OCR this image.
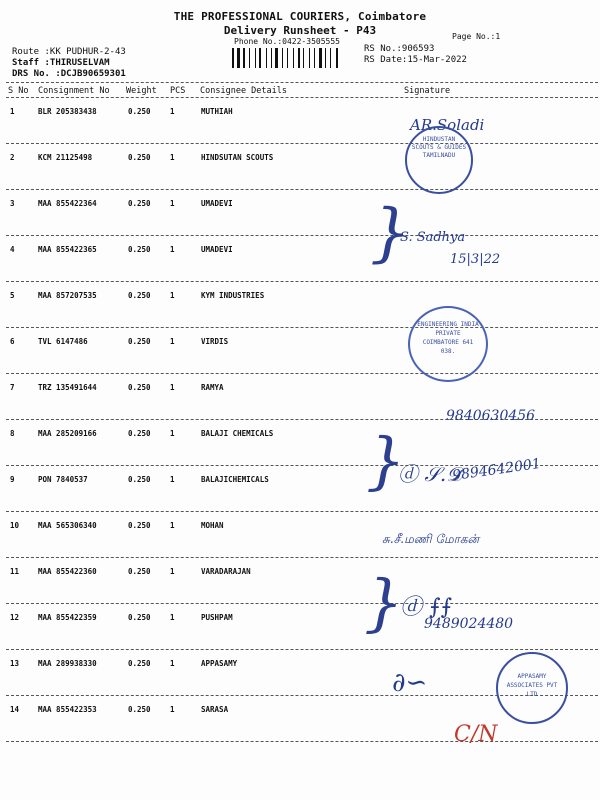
THE PROFESSIONAL COURIERS, Coimbatore
Delivery Runsheet - P43
Phone No.:0422-3505555
Page No.:1
Route :KK PUDHUR-2-43
Staff :THIRUSELVAM
DRS No. :DCJB90659301
RS No.:906593
RS Date:15-Mar-2022
S No Consignment No Weight PCS Consignee Details	Signature
1	BLR 205383438	0.250	1	MUTHIAH
2	KCM 21125498	0.250	1	HINDSUTAN SCOUTS
3	MAA 855422364	0.250	1	UMADEVI
4	MAA 855422365	0.250	1	UMADEVI
5	MAA 857207535	0.250	1	KYM INDUSTRIES
6	TVL 6147486	0.250	1	VIRDIS
7	TRZ 135491644	0.250	1	RAMYA
8	MAA 285209166	0.250	1	BALAJI CHEMICALS
9	PON 7840537	0.250	1	BALAJICHEMICALS
10	MAA 565306340	0.250	1	MOHAN
11	MAA 855422360	0.250	1	VARADARAJAN
12	MAA 855422359	0.250	1	PUSHPAM
13	MAA 289938330	0.250	1	APPASAMY
14	MAA 855422353	0.250	1	SARASA
AR.Soladi
HINDUSTAN SCOUTS & GUIDES TAMILNADU
}
S. Sadhya
15|3|22
ENGINEERING INDIA PRIVATE COIMBATORE 641 038.
9840630456
}
ⓓ 𝒮.𝒟
9894642001
சு.சீ.மணி மோகன்
}
ⓓ ⨍⨍
9489024480
∂∽	APPASAMY ASSOCIATES PVT LTD
C/N
